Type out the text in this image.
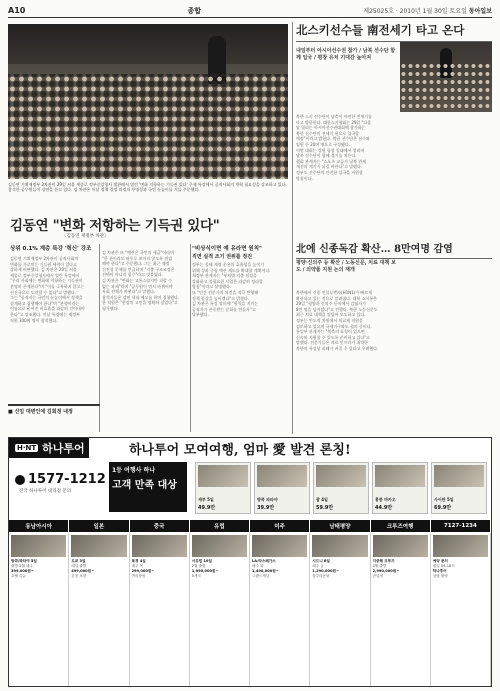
A10	종합	제25025호 · 2010년 1월 30일 토요일 동아일보
김동연 기획재정부 2차관이 29일 서울 세종로 정부중앙청사 별관에서 열린 '변화 저항하는 기득권 있다' 주제 특강에서 공직사회의 개혁 필요성을 강조하고 있다. 참석한 공무원들이 강연을 듣고 있다. 김 차관은 이날 정책 결정 과정의 투명성과 국민 눈높이를 거듭 주문했다.
김동연 "변화 저항하는 기득권 있다"
〈김동연 재정부 차관〉
상위 0.1% 계층 특강 '혁신' 강조	"비상식이면 예 유라면 원칙"
직면 실적 조기 권위를 정진
김동연 기획재정부 2차관이 공직사회의
변화를 가로막는 기득권 세력이 있다고
강하게 비판했다. 김 차관은 29일 서울
세종로 정부중앙청사에서 열린 특강에서
"우리 사회에는 변화에 저항하는 기득권이
분명히 존재한다"며 "이를 극복하지 않고는
선진국으로 도약할 수 없다"고 말했다.
그는 "공직자는 국민의 눈높이에서 정책을
설계하고 집행해야 한다"며 "관행이라는
이름으로 굳어진 비효율을 과감히 걷어내야
한다"고 강조했다. 이날 특강에는 재정부
직원 300여 명이 참석했다.
김 차관은 또 "예산은 국민의 세금"이라며
"한 푼이라도 허투루 쓰이지 않도록 점검
해야 한다"고 주문했다. 그는 최근 재정
건전성 문제를 언급하며 "지출 구조조정은
선택이 아니라 필수"라고 덧붙였다.
김 차관은 "변화는 고통스럽지만 피할 수
없는 과제"라며 "공무원이 먼저 바뀌어야
사회 전체가 바뀐다"고 말했다.
참석자들은 강연 내내 메모를 하며 경청했다.
한 직원은 "현장의 고민을 정확히 짚었다"고
평가했다.
정부는 올해 재정 운용의 효율성을 높이기
위해 성과 중심 예산 제도를 확대할 계획이다.
재정부 관계자는 "부처별 지출 점검을
강화하고 불필요한 사업은 과감히 정리할
방침"이라고 설명했다.
또 "민간 전문가의 의견을 적극 반영해
정책 품질을 높이겠다"고 밝혔다.
김 차관은 특강 말미에 "원칙을 지키는
공직자가 존중받는 문화를 만들자"고
당부했다.
■ 신임 대변인에 김회정 내정
北스키선수들 南전세기 타고 온다
내일부터 아시아선수권 참가 / 남북 선수단 함께 입국 / 평창 유치 기대감 높아져
북한 스키 선수단이 남측이 마련한 전세기를
타고 방한한다. 대한스키협회는 29일 "다음
달 열리는 아시아선수권대회에 참가하는
북한 선수단이 전세기 편으로 입국할
예정"이라고 밝혔다. 북한 선수단은 선수와
임원 등 20여 명으로 구성됐다.
이번 대회는 강원 평창 일대에서 열리며
남북 선수단이 함께 경기를 치른다.
협회 관계자는 "스포츠 교류가 남북 관계
개선의 계기가 되길 바란다"고 말했다.
정부도 선수단의 안전한 입국을 지원할
방침이다.
北에 신종독감 확산… 8만여명 감염
평양·신의주 등 확산 / 노동신문, 치료 대책 보도 / 의약품 지원 논의 재개
북한에서 신종 인플루엔자(H1N1)가 빠르게
확산되고 있는 것으로 알려졌다. 대북 소식통은
29일 "평양과 신의주 등지에서 감염자가
8만 명을 넘어섰다"고 전했다. 북한 노동신문도
최근 치료 대책을 잇달아 보도하고 있다.
정부는 인도적 차원에서 치료제 지원을
검토하고 있으며 국제기구와도 협의 중이다.
통일부 관계자는 "북측의 요청이 있으면
신속히 지원할 수 있도록 준비하고 있다"고
말했다. 전문가들은 의료 인프라가 취약한
북한의 특성상 피해가 커질 수 있다고 우려했다.
H·NT 하나투어	하나투어 모여여행, 엄마 愛 발견 론칭!
1577-1212
전국 하나투어 대리점 문의
1등 여행사 하나
고객 만족 대상
세부 5일
49.9만
방콕 파타야
39.9만
괌 4일
59.9만
홍콩 마카오
44.9만
사이판 5일
69.9만
동남아시아	일본	중국	유럽	미주	남태평양	크루즈여행	7127-1234
방콕/파타야 5일
출발 2월 매주
399,000원~
호텔 특급
도쿄 3일
매일 출발
499,000원~
온천 포함
북경 4일
매주 목
299,000원~
만리장성
서유럽 10일
2월 출발
1,990,000원~
5개국
LA/라스베가스
매주 화
1,490,000원~
그랜드캐년
시드니 6일
매주 금
1,290,000원~
블루마운틴
지중해 크루즈
3월 출발
2,990,000원~
전일정
예약 문의
평일 09-18시
하나투어
상담 환영
